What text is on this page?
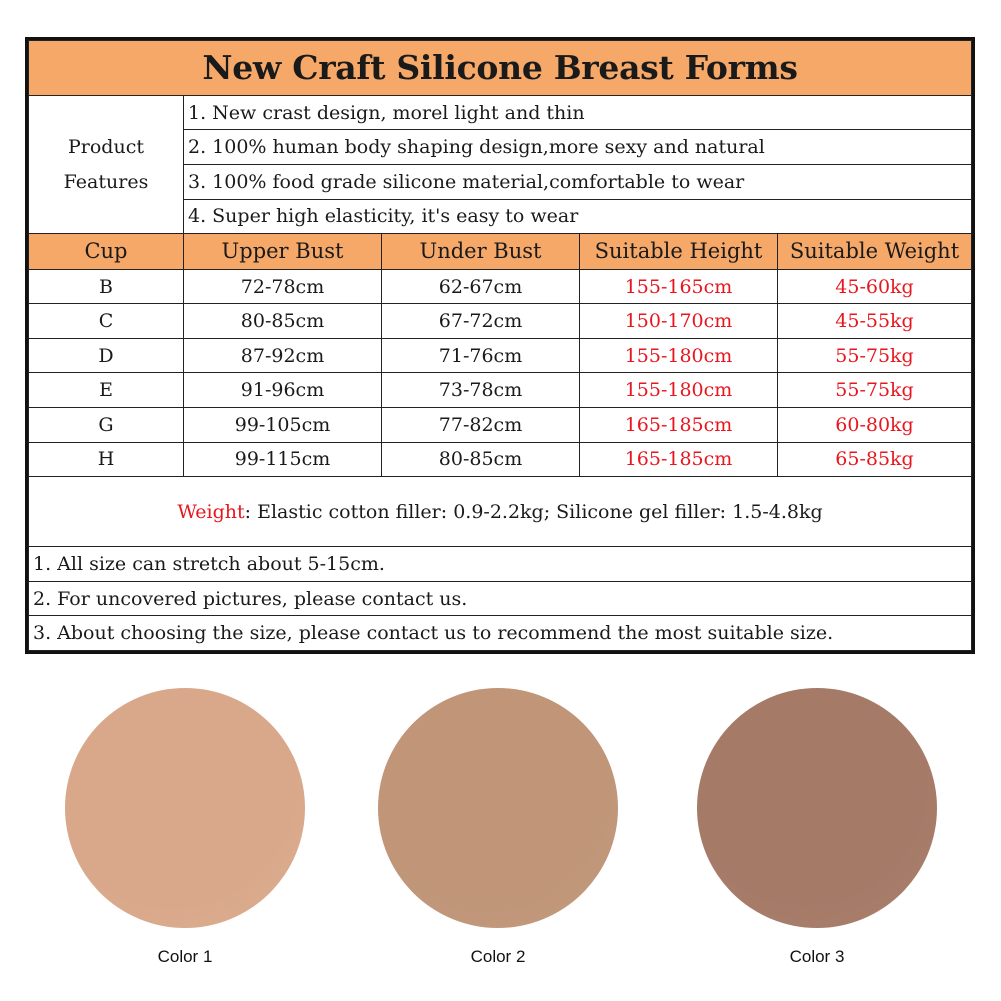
New Craft Silicone Breast Forms				
Product
Features	1. New crast design, morel light and thin			
	2. 100% human body shaping design,more sexy and natural			
	3. 100% food grade silicone material,comfortable to wear			
	4. Super high elasticity, it's easy to wear			
Cup	Upper Bust	Under Bust	Suitable Height	Suitable Weight
B	72-78cm	62-67cm	155-165cm	45-60kg
C	80-85cm	67-72cm	150-170cm	45-55kg
D	87-92cm	71-76cm	155-180cm	55-75kg
E	91-96cm	73-78cm	155-180cm	55-75kg
G	99-105cm	77-82cm	165-185cm	60-80kg
H	99-115cm	80-85cm	165-185cm	65-85kg
Weight: Elastic cotton filler: 0.9-2.2kg; Silicone gel filler: 1.5-4.8kg				
1. All size can stretch about 5-15cm.				
2. For uncovered pictures, please contact us.				
3. About choosing the size, please contact us to recommend the most suitable size.				
Color 1	Color 2	Color 3
